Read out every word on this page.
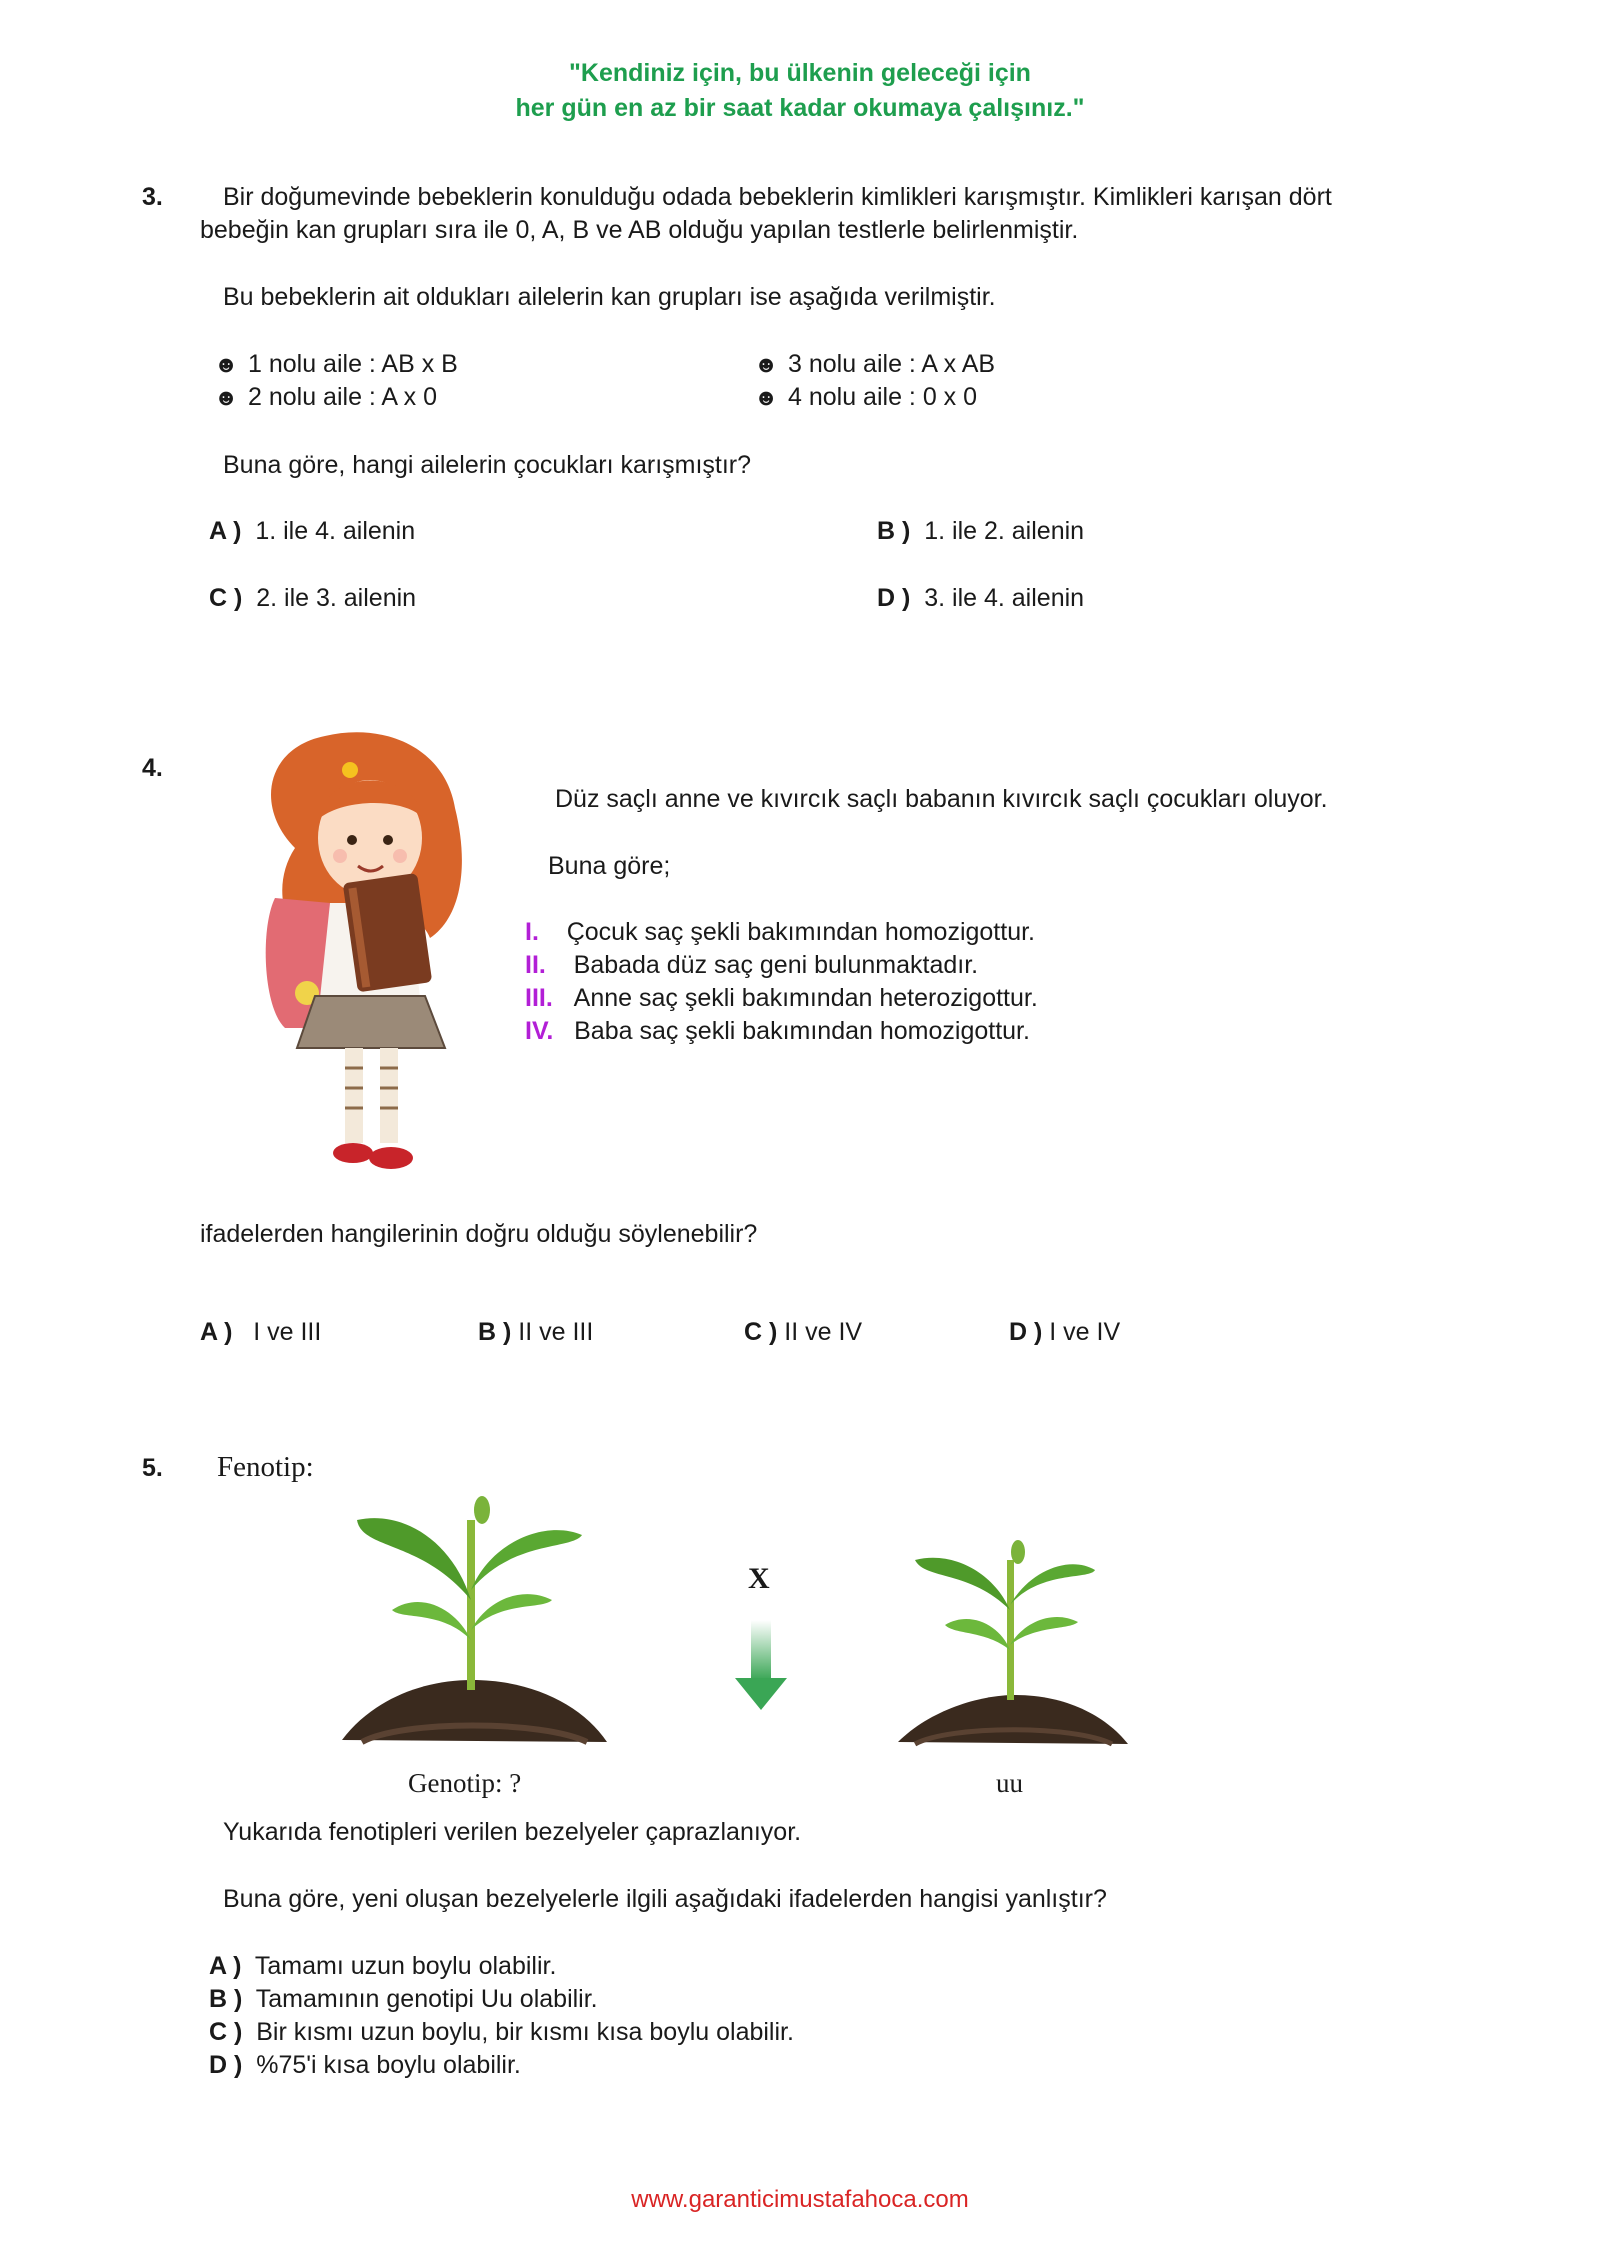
"Kendiniz için, bu ülkenin geleceği için
her gün en az bir saat kadar okumaya çalışınız."
3. Bir doğumevinde bebeklerin konulduğu odada bebeklerin kimlikleri karışmıştır. Kimlikleri karışan dört
bebeğin kan grupları sıra ile 0, A, B ve AB olduğu yapılan testlerle belirlenmiştir.
Bu bebeklerin ait oldukları ailelerin kan grupları ise aşağıda verilmiştir.
☻ 1 nolu aile : AB x B
☻ 2 nolu aile : A x 0
☻ 3 nolu aile : A x AB
☻ 4 nolu aile : 0 x 0
Buna göre, hangi ailelerin çocukları karışmıştır?
A ) 1. ile 4. ailenin	B ) 1. ile 2. ailenin
C ) 2. ile 3. ailenin	D ) 3. ile 4. ailenin
4.
Düz saçlı anne ve kıvırcık saçlı babanın kıvırcık saçlı çocukları oluyor.
Buna göre;
I. Çocuk saç şekli bakımından homozigottur.
II. Babada düz saç geni bulunmaktadır.
III. Anne saç şekli bakımından heterozigottur.
IV. Baba saç şekli bakımından homozigottur.
ifadelerden hangilerinin doğru olduğu söylenebilir?
A ) I ve III	B ) II ve III	C ) II ve IV	D ) I ve IV
5. Fenotip:
X
Genotip: ?	uu
Yukarıda fenotipleri verilen bezelyeler çaprazlanıyor.
Buna göre, yeni oluşan bezelyelerle ilgili aşağıdaki ifadelerden hangisi yanlıştır?
A ) Tamamı uzun boylu olabilir.
B ) Tamamının genotipi Uu olabilir.
C ) Bir kısmı uzun boylu, bir kısmı kısa boylu olabilir.
D ) %75'i kısa boylu olabilir.
www.garanticimustafahoca.com
